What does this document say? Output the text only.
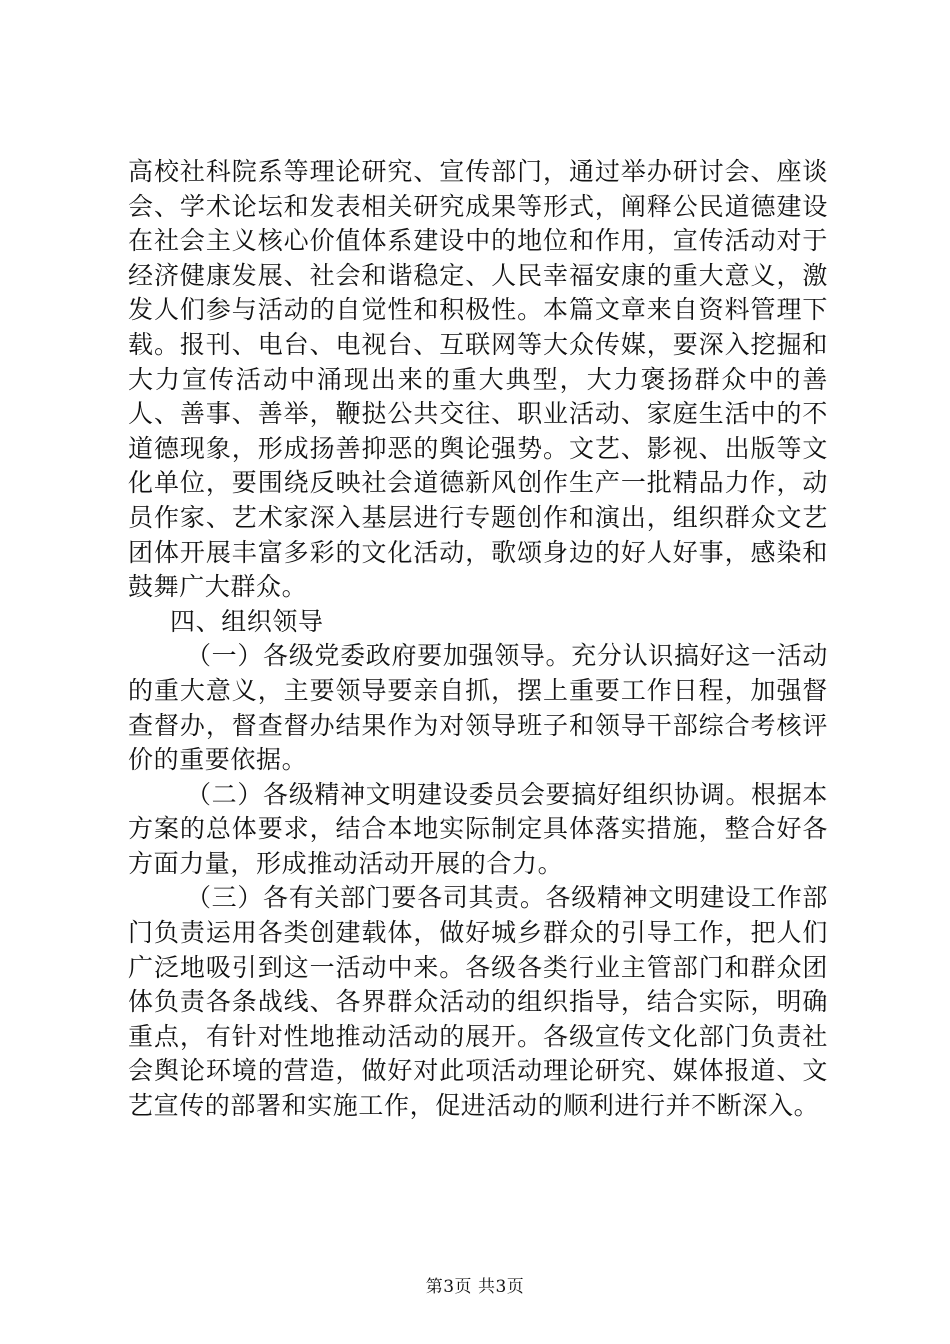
高校社科院系等理论研究、宣传部门，通过举办研讨会、座谈会、学术论坛和发表相关研究成果等形式，阐释公民道德建设在社会主义核心价值体系建设中的地位和作用，宣传活动对于经济健康发展、社会和谐稳定、人民幸福安康的重大意义，激发人们参与活动的自觉性和积极性。本篇文章来自资料管理下载。报刊、电台、电视台、互联网等大众传媒，要深入挖掘和大力宣传活动中涌现出来的重大典型，大力褒扬群众中的善人、善事、善举，鞭挞公共交往、职业活动、家庭生活中的不道德现象，形成扬善抑恶的舆论强势。文艺、影视、出版等文化单位，要围绕反映社会道德新风创作生产一批精品力作，动员作家、艺术家深入基层进行专题创作和演出，组织群众文艺团体开展丰富多彩的文化活动，歌颂身边的好人好事，感染和鼓舞广大群众。

四、组织领导

（一）各级党委政府要加强领导。充分认识搞好这一活动的重大意义，主要领导要亲自抓，摆上重要工作日程，加强督查督办，督查督办结果作为对领导班子和领导干部综合考核评价的重要依据。

（二）各级精神文明建设委员会要搞好组织协调。根据本方案的总体要求，结合本地实际制定具体落实措施，整合好各方面力量，形成推动活动开展的合力。

（三）各有关部门要各司其责。各级精神文明建设工作部门负责运用各类创建载体，做好城乡群众的引导工作，把人们广泛地吸引到这一活动中来。各级各类行业主管部门和群众团体负责各条战线、各界群众活动的组织指导，结合实际，明确重点，有针对性地推动活动的展开。各级宣传文化部门负责社会舆论环境的营造，做好对此项活动理论研究、媒体报道、文艺宣传的部署和实施工作，促进活动的顺利进行并不断深入。

第3页 共3页
